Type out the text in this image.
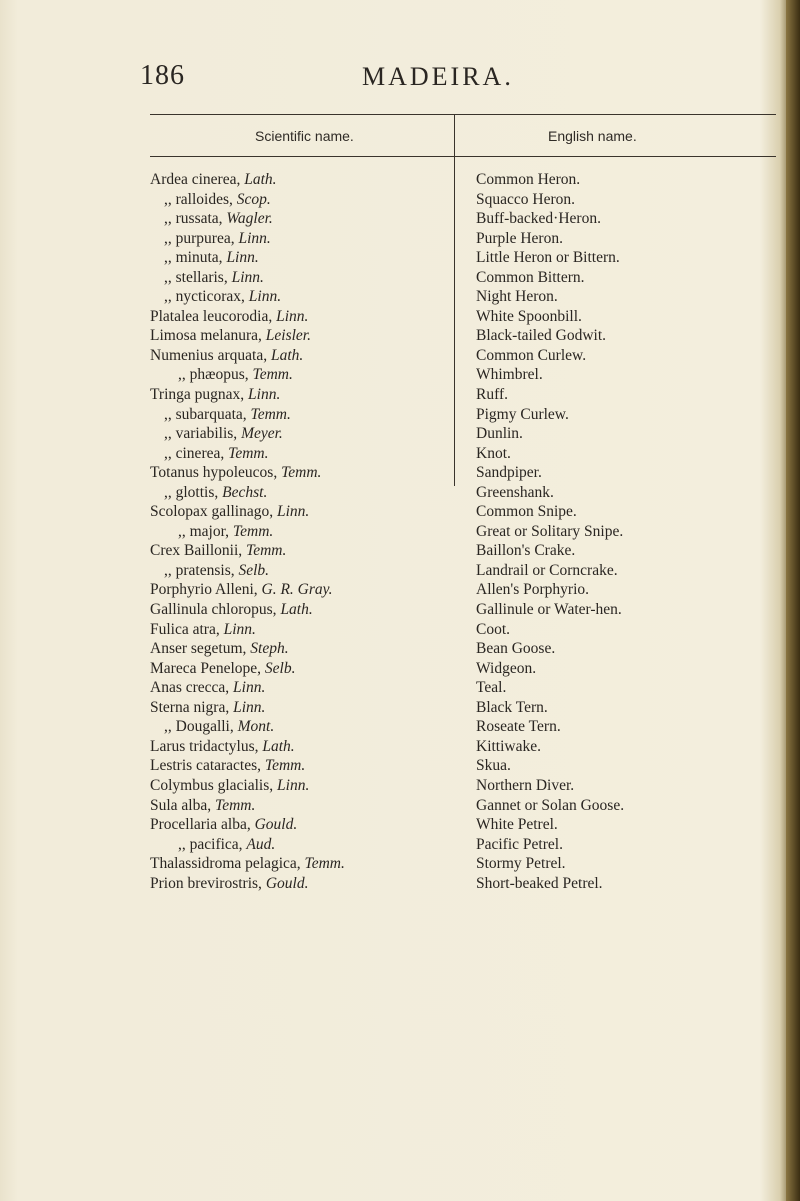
186	MADEIRA.
Scientific name.	English name.
Ardea cinerea, Lath.
,, ralloides, Scop.
,, russata, Wagler.
,, purpurea, Linn.
,, minuta, Linn.
,, stellaris, Linn.
,, nycticorax, Linn.
Platalea leucorodia, Linn.
Limosa melanura, Leisler.
Numenius arquata, Lath.
,, phæopus, Temm.
Tringa pugnax, Linn.
,, subarquata, Temm.
,, variabilis, Meyer.
,, cinerea, Temm.
Totanus hypoleucos, Temm.
,, glottis, Bechst.
Scolopax gallinago, Linn.
,, major, Temm.
Crex Baillonii, Temm.
,, pratensis, Selb.
Porphyrio Alleni, G. R. Gray.
Gallinula chloropus, Lath.
Fulica atra, Linn.
Anser segetum, Steph.
Mareca Penelope, Selb.
Anas crecca, Linn.
Sterna nigra, Linn.
,, Dougalli, Mont.
Larus tridactylus, Lath.
Lestris cataractes, Temm.
Colymbus glacialis, Linn.
Sula alba, Temm.
Procellaria alba, Gould.
,, pacifica, Aud.
Thalassidroma pelagica, Temm.
Prion brevirostris, Gould.
Common Heron.
Squacco Heron.
Buff-backed·Heron.
Purple Heron.
Little Heron or Bittern.
Common Bittern.
Night Heron.
White Spoonbill.
Black-tailed Godwit.
Common Curlew.
Whimbrel.
Ruff.
Pigmy Curlew.
Dunlin.
Knot.
Sandpiper.
Greenshank.
Common Snipe.
Great or Solitary Snipe.
Baillon's Crake.
Landrail or Corncrake.
Allen's Porphyrio.
Gallinule or Water-hen.
Coot.
Bean Goose.
Widgeon.
Teal.
Black Tern.
Roseate Tern.
Kittiwake.
Skua.
Northern Diver.
Gannet or Solan Goose.
White Petrel.
Pacific Petrel.
Stormy Petrel.
Short-beaked Petrel.
